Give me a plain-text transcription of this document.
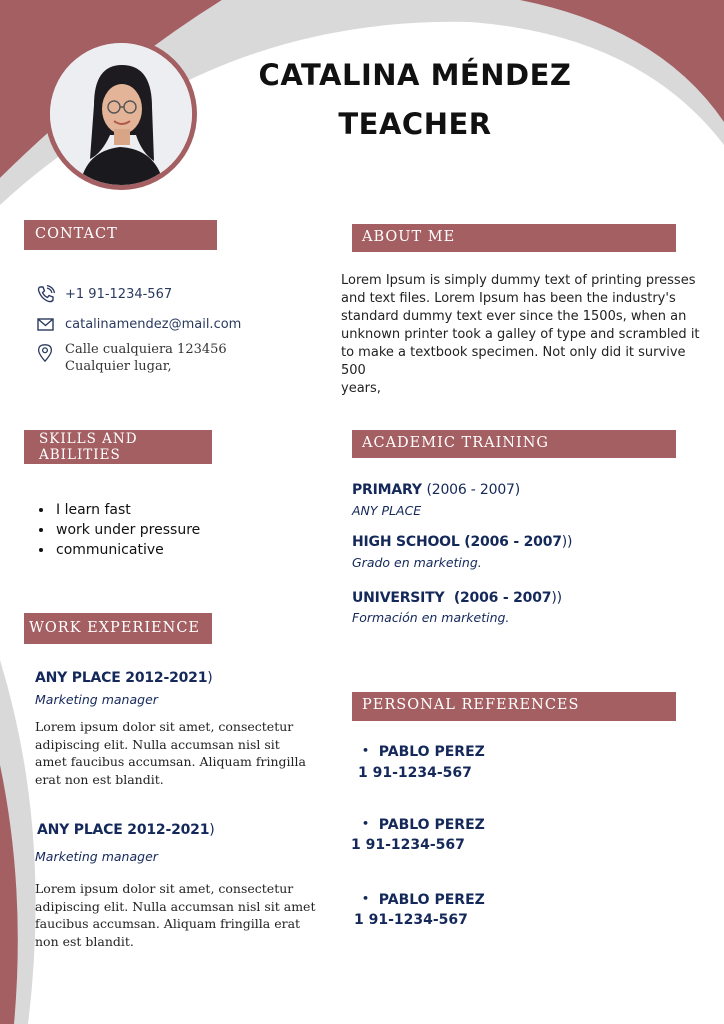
CATALINA MÉNDEZ
TEACHER
CONTACT
+1 91-1234-567
catalinamendez@mail.com
Calle cualquiera 123456
Cualquier lugar,
ABOUT ME
Lorem Ipsum is simply dummy text of printing presses
and text files. Lorem Ipsum has been the industry's
standard dummy text ever since the 1500s, when an
unknown printer took a galley of type and scrambled it
to make a textbook specimen. Not only did it survive 500
years,
SKILLS AND
ABILITIES
• I learn fast
• work under pressure
• communicative
ACADEMIC TRAINING
PRIMARY (2006 - 2007)
ANY PLACE
HIGH SCHOOL (2006 - 2007))
Grado en marketing.
UNIVERSITY (2006 - 2007))
Formación en marketing.
WORK EXPERIENCE
ANY PLACE 2012-2021)
Marketing manager
Lorem ipsum dolor sit amet, consectetur
adipiscing elit. Nulla accumsan nisl sit
amet faucibus accumsan. Aliquam fringilla
erat non est blandit.
ANY PLACE 2012-2021)
Marketing manager
Lorem ipsum dolor sit amet, consectetur
adipiscing elit. Nulla accumsan nisl sit amet
faucibus accumsan. Aliquam fringilla erat
non est blandit.
PERSONAL REFERENCES
• PABLO PEREZ
1 91-1234-567
• PABLO PEREZ
1 91-1234-567
• PABLO PEREZ
1 91-1234-567
